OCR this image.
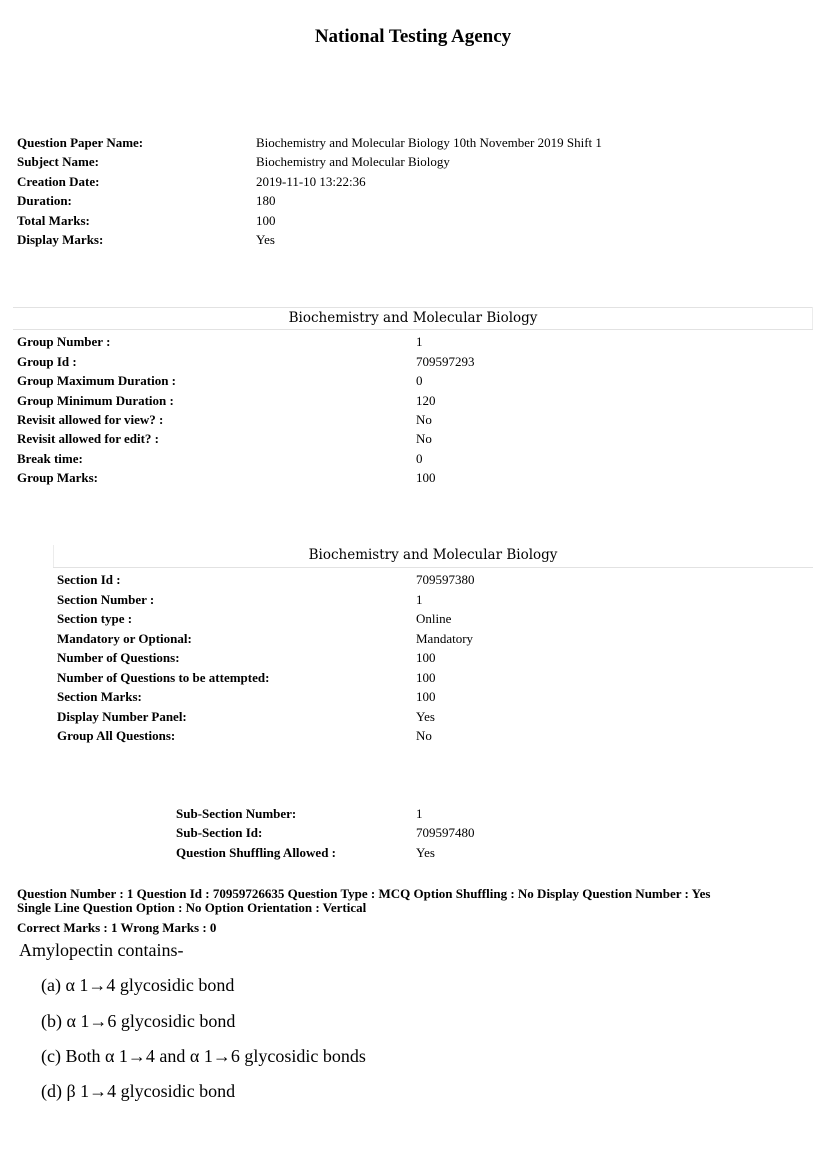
National Testing Agency
Question Paper Name:	Biochemistry and Molecular Biology 10th November 2019 Shift 1
Subject Name:	Biochemistry and Molecular Biology
Creation Date:	2019-11-10 13:22:36
Duration:	180
Total Marks:	100
Display Marks:	Yes
Biochemistry and Molecular Biology
Group Number :	1
Group Id :	709597293
Group Maximum Duration :	0
Group Minimum Duration :	120
Revisit allowed for view? :	No
Revisit allowed for edit? :	No
Break time:	0
Group Marks:	100
Biochemistry and Molecular Biology
Section Id :	709597380
Section Number :	1
Section type :	Online
Mandatory or Optional:	Mandatory
Number of Questions:	100
Number of Questions to be attempted:	100
Section Marks:	100
Display Number Panel:	Yes
Group All Questions:	No
Sub-Section Number:	1
Sub-Section Id:	709597480
Question Shuffling Allowed :	Yes
Question Number : 1 Question Id : 70959726635 Question Type : MCQ Option Shuffling : No Display Question Number : Yes
Single Line Question Option : No Option Orientation : Vertical
Correct Marks : 1 Wrong Marks : 0
Amylopectin contains-
(a) α 1→4 glycosidic bond
(b) α 1→6 glycosidic bond
(c) Both α 1→4 and α 1→6 glycosidic bonds
(d) β 1→4 glycosidic bond
